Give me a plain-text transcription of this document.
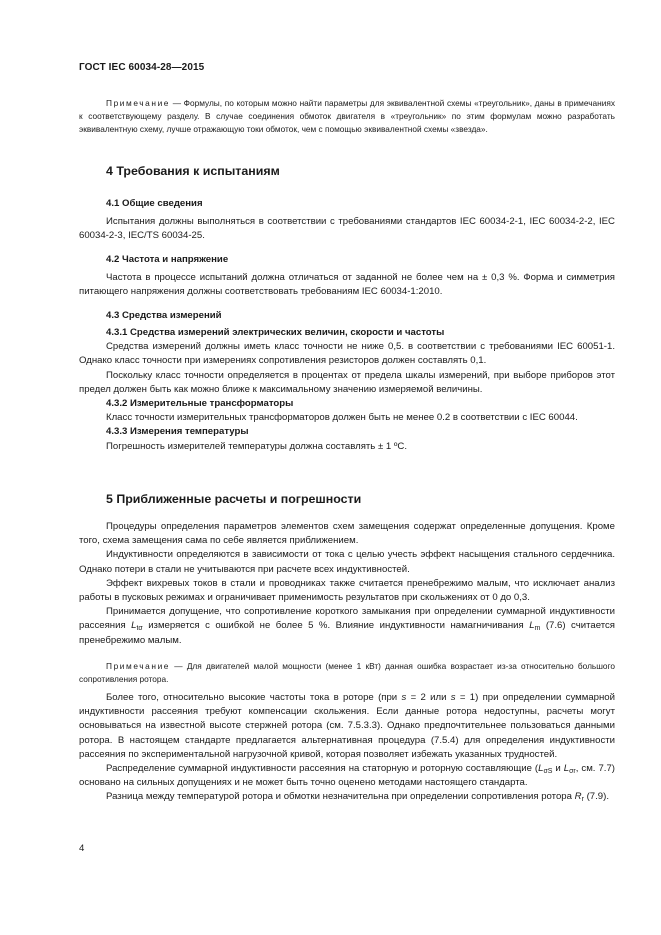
ГОСТ IEC 60034-28—2015

Примечание — Формулы, по которым можно найти параметры для эквивалентной схемы «треугольник», даны в примечаниях к соответствующему разделу. В случае соединения обмоток двигателя в «треугольник» по этим формулам можно разработать эквивалентную схему, лучше отражающую токи обмоток, чем с помощью эквивалентной схемы «звезда».

4 Требования к испытаниям
4.1 Общие сведения

Испытания должны выполняться в соответствии с требованиями стандартов IEC 60034-2-1, IEC 60034-2-2, IEC 60034-2-3, IEC/TS 60034-25.

4.2 Частота и напряжение

Частота в процессе испытаний должна отличаться от заданной не более чем на ± 0,3 %. Форма и симметрия питающего напряжения должны соответствовать требованиям IEC 60034-1:2010.

4.3 Средства измерений

4.3.1 Средства измерений электрических величин, скорости и частоты

Средства измерений должны иметь класс точности не ниже 0,5. в соответствии с требованиями IEC 60051-1. Однако класс точности при измерениях сопротивления резисторов должен составлять 0,1.

Поскольку класс точности определяется в процентах от предела шкалы измерений, при выборе приборов этот предел должен быть как можно ближе к максимальному значению измеряемой величины.

4.3.2 Измерительные трансформаторы

Класс точности измерительных трансформаторов должен быть не менее 0.2 в соответствии с IEC 60044.

4.3.3 Измерения температуры

Погрешность измерителей температуры должна составлять ± 1 ºC.

5 Приближенные расчеты и погрешности

Процедуры определения параметров элементов схем замещения содержат определенные допущения. Кроме того, схема замещения сама по себе является приближением.

Индуктивности определяются в зависимости от тока с целью учесть эффект насыщения стального сердечника. Однако потери в стали не учитываются при расчете всех индуктивностей.

Эффект вихревых токов в стали и проводниках также считается пренебрежимо малым, что исключает анализ работы в пусковых режимах и ограничивает применимость результатов при скольжениях от 0 до 0,3.

Принимается допущение, что сопротивление короткого замыкания при определении суммарной индуктивности рассеяния $L_{t\sigma}$ измеряется с ошибкой не более 5 %. Влияние индуктивности намагничивания $L_m$ (7.6) считается пренебрежимо малым.

Примечание — Для двигателей малой мощности (менее 1 кВт) данная ошибка возрастает из-за относительно большого сопротивления ротора.

Более того, относительно высокие частоты тока в роторе (при s = 2 или s = 1) при определении суммарной индуктивности рассеяния требуют компенсации скольжения. Если данные ротора недоступны, расчеты могут основываться на известной высоте стержней ротора (см. 7.5.3.3). Однако предпочтительнее пользоваться данными ротора. В настоящем стандарте предлагается альтернативная процедура (7.5.4) для определения индуктивности рассеяния по экспериментальной нагрузочной кривой, которая позволяет избежать указанных трудностей.

Распределение суммарной индуктивности рассеяния на статорную и роторную составляющие ($L_{\sigma S}$ и $L_{\sigma r}$, см. 7.7) основано на сильных допущениях и не может быть точно оценено методами настоящего стандарта.

Разница между температурой ротора и обмотки незначительна при определении сопротивления ротора $R_r$ (7.9).

4
